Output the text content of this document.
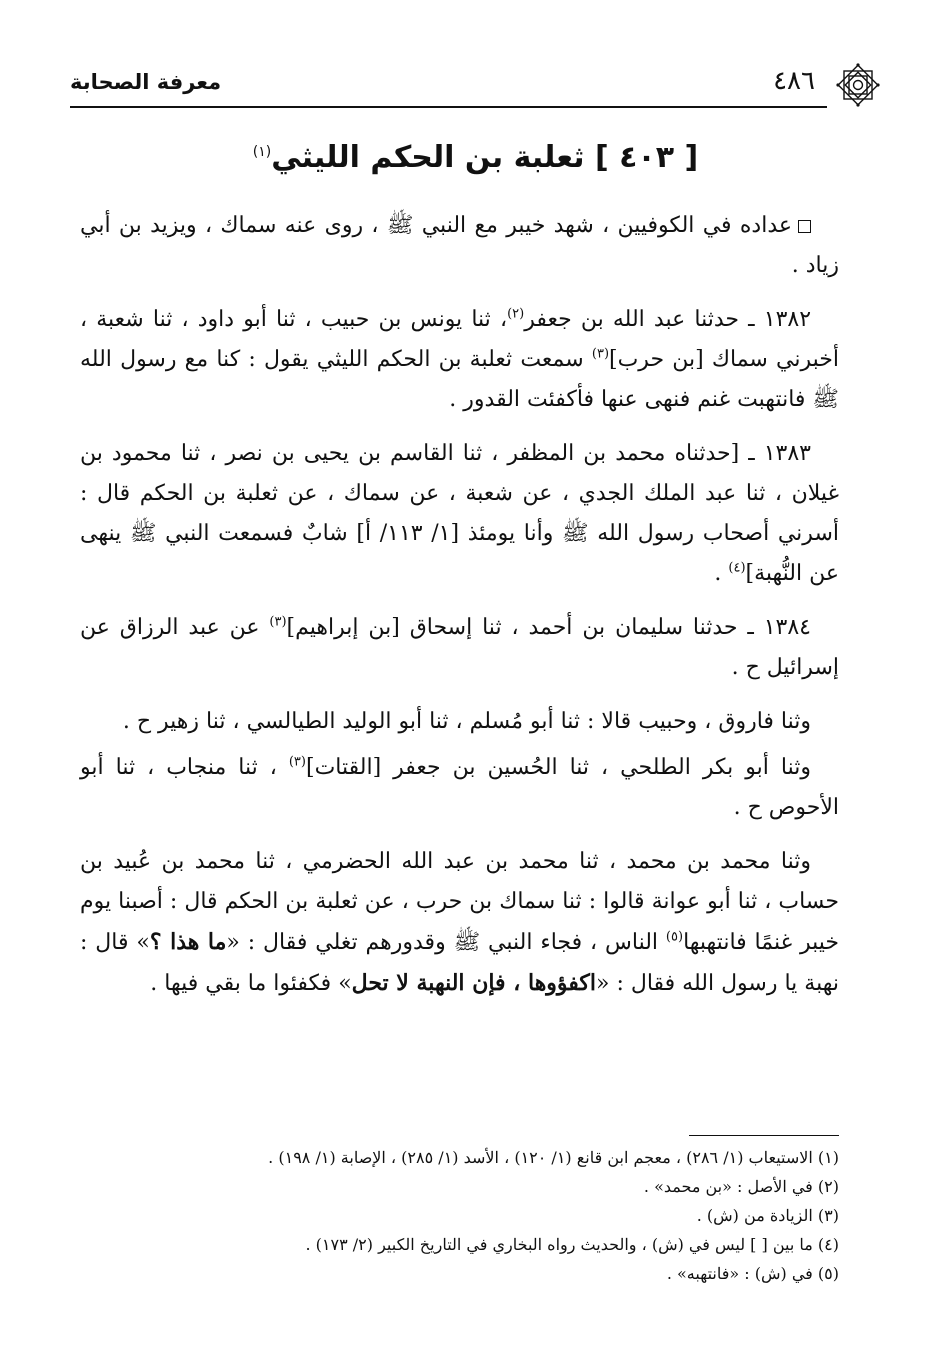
٤٨٦
معرفة الصحابة
[ ٤٠٣ ] ثعلبة بن الحكم الليثي$^{(١)}$

عداده في الكوفيين ، شهد خيبر مع النبي ﷺ ، روى عنه سماك ، ويزيد بن أبي زياد .

١٣٨٢ ـ حدثنا عبد الله بن جعفر$^{(٢)}$، ثنا يونس بن حبيب ، ثنا أبو داود ، ثنا شعبة ، أخبرني سماك [بن حرب]$^{(٣)}$ سمعت ثعلبة بن الحكم الليثي يقول : كنا مع رسول الله ﷺ فانتهبت غنم فنهى عنها فأكفئت القدور .

١٣٨٣ ـ [حدثناه محمد بن المظفر ، ثنا القاسم بن يحيى بن نصر ، ثنا محمود بن غيلان ، ثنا عبد الملك الجدي ، عن شعبة ، عن سماك ، عن ثعلبة بن الحكم قال : أسرني أصحاب رسول الله ﷺ وأنا يومئذ [١/ ١١٣/ أ] شابٌ فسمعت النبي ﷺ ينهى عن النُّهبة]$^{(٤)}$ .

١٣٨٤ ـ حدثنا سليمان بن أحمد ، ثنا إسحاق [بن إبراهيم]$^{(٣)}$ عن عبد الرزاق عن إسرائيل ح .

وثنا فاروق ، وحبيب قالا : ثنا أبو مُسلم ، ثنا أبو الوليد الطيالسي ، ثنا زهير ح .

وثنا أبو بكر الطلحي ، ثنا الحُسين بن جعفر [القتات]$^{(٣)}$ ، ثنا منجاب ، ثنا أبو الأحوص ح .

وثنا محمد بن محمد ، ثنا محمد بن عبد الله الحضرمي ، ثنا محمد بن عُبيد بن حساب ، ثنا أبو عوانة قالوا : ثنا سماك بن حرب ، عن ثعلبة بن الحكم قال : أصبنا يوم خيبر غنمًا فانتهبها$^{(٥)}$ الناس ، فجاء النبي ﷺ وقدورهم تغلي فقال : «ما هذا ؟» قال : نهبة يا رسول الله فقال : «اكفؤوها ، فإن النهبة لا تحل» فكفئوا ما بقي فيها .

(١) الاستيعاب (١/ ٢٨٦) ، معجم ابن قانع (١/ ١٢٠) ، الأسد (١/ ٢٨٥) ، الإصابة (١/ ١٩٨) .

(٢) في الأصل : «بن محمد» .

(٣) الزيادة من (ش) .

(٤) ما بين [ ] ليس في (ش) ، والحديث رواه البخاري في التاريخ الكبير (٢/ ١٧٣) .

(٥) في (ش) : «فانتهبه» .
